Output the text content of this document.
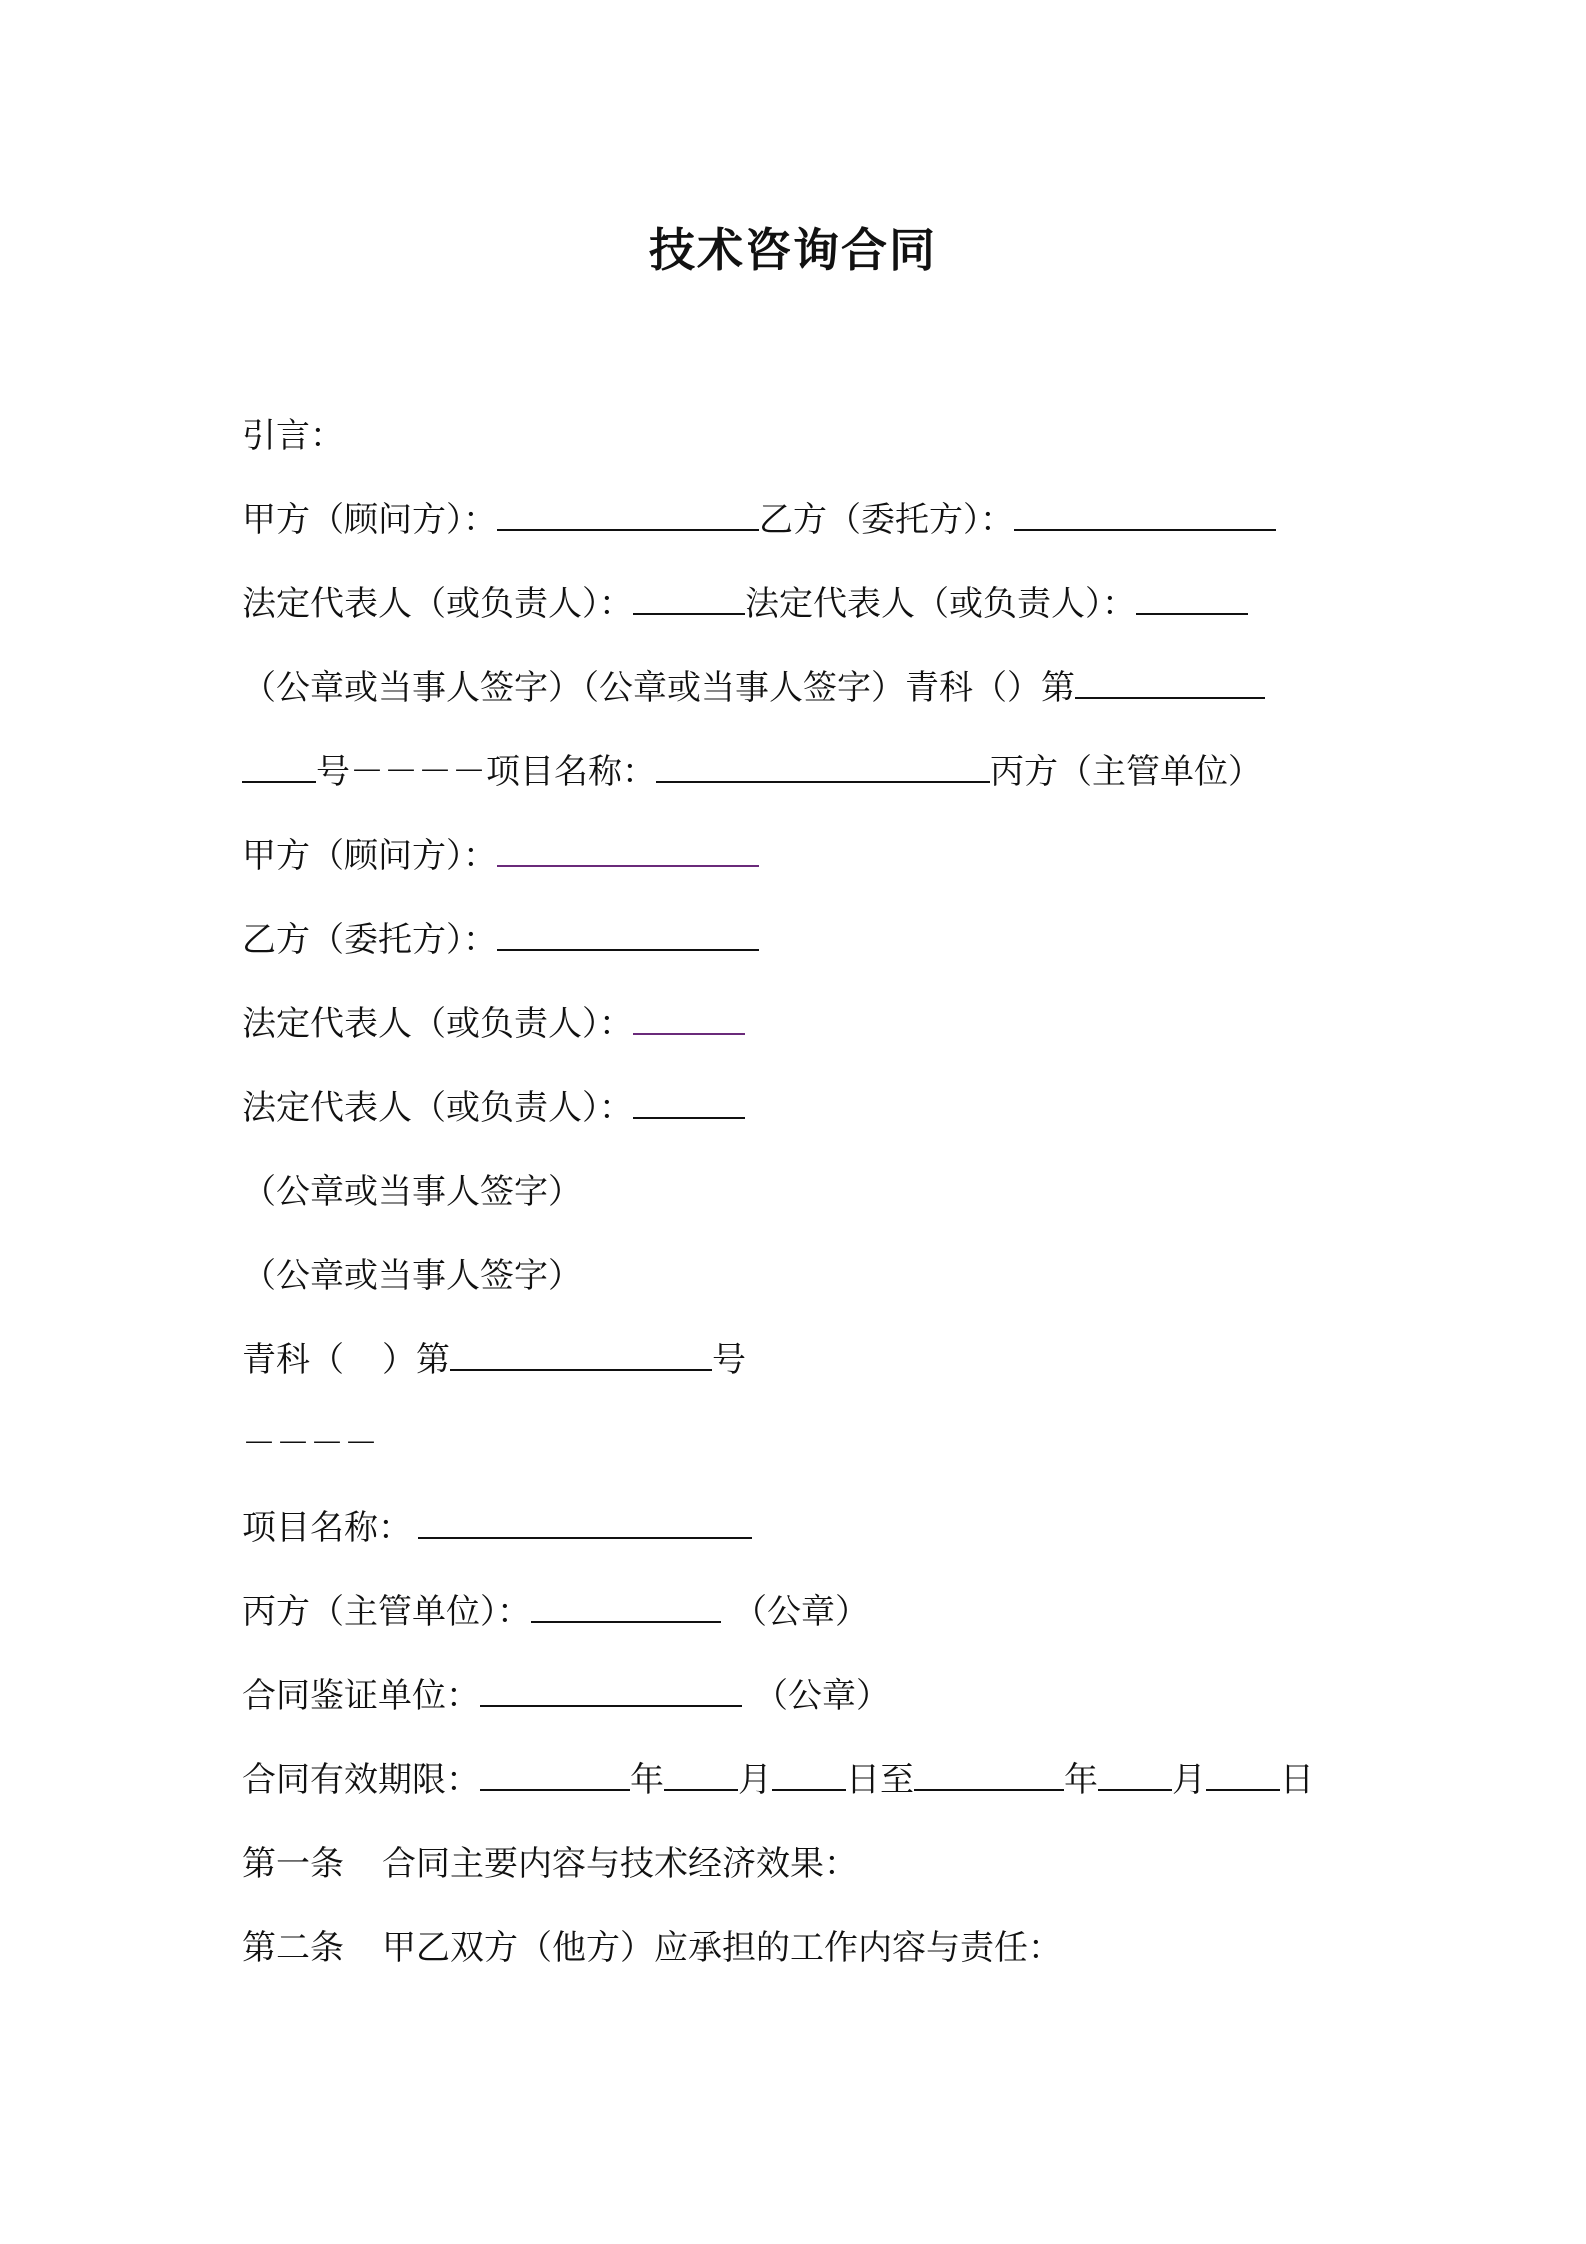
技术咨询合同
引言：
甲方（顾问方）：	乙方（委托方）：
法定代表人（或负责人）：	法定代表人（或负责人）：
（公章或当事人签字）（公章或当事人签字）青科（）第
号－－－－项目名称：	丙方（主管单位）
甲方（顾问方）：
乙方（委托方）：
法定代表人（或负责人）：
法定代表人（或负责人）：
（公章或当事人签字）
（公章或当事人签字）
青科（ ）第	号
－－－－
项目名称：
丙方（主管单位）：	（公章）
合同鉴证单位：	（公章）
合同有效期限：	年 月 日至	年 月 日
第一条 合同主要内容与技术经济效果：
第二条 甲乙双方（他方）应承担的工作内容与责任：
